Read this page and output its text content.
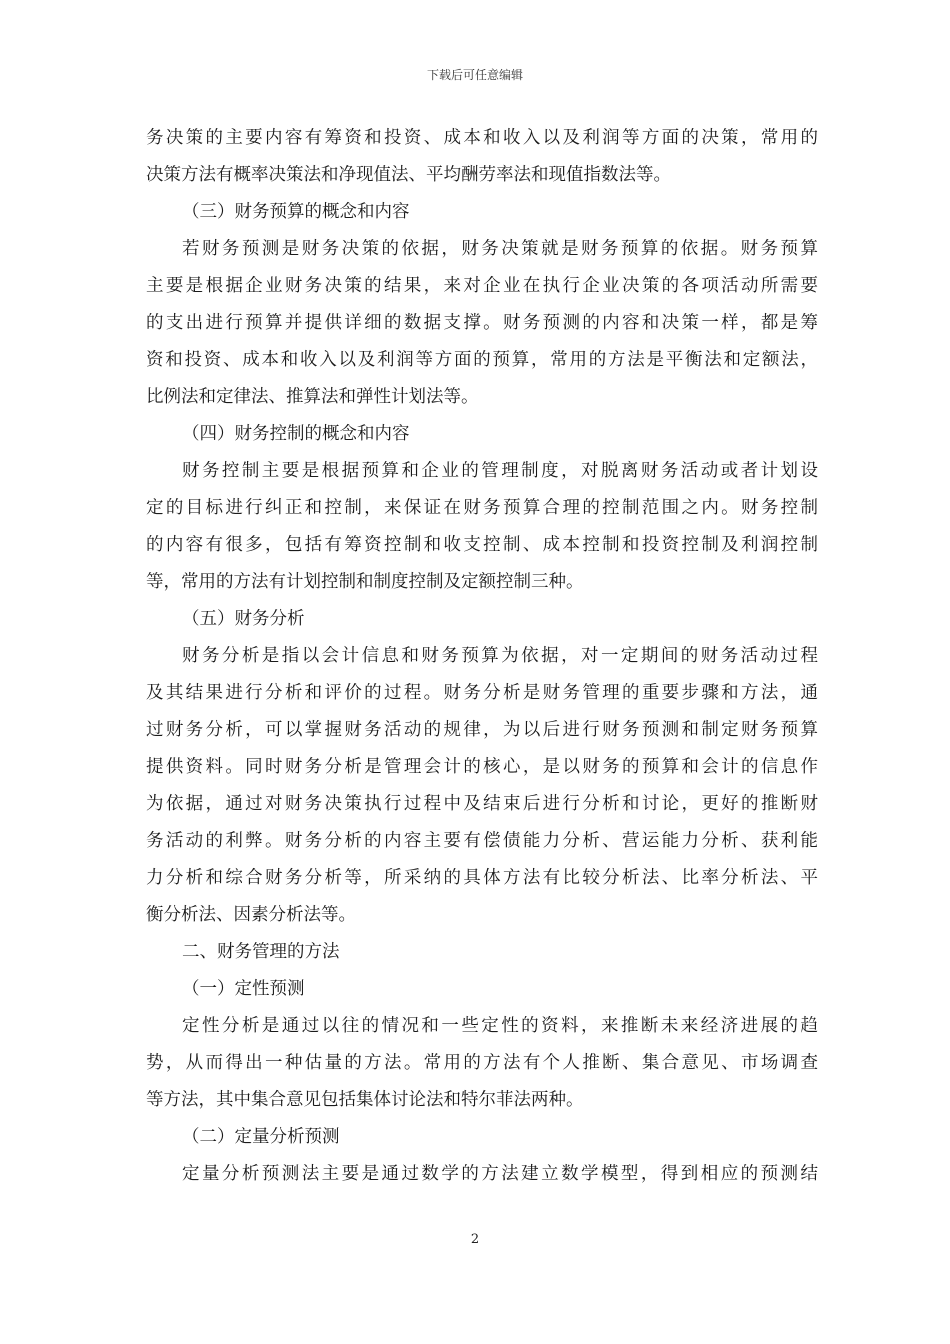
下载后可任意编辑
务决策的主要内容有筹资和投资、成本和收入以及利润等方面的决策，常用的
决策方法有概率决策法和净现值法、平均酬劳率法和现值指数法等。
（三）财务预算的概念和内容
若财务预测是财务决策的依据，财务决策就是财务预算的依据。财务预算
主要是根据企业财务决策的结果，来对企业在执行企业决策的各项活动所需要
的支出进行预算并提供详细的数据支撑。财务预测的内容和决策一样，都是筹
资和投资、成本和收入以及利润等方面的预算，常用的方法是平衡法和定额法，
比例法和定律法、推算法和弹性计划法等。
（四）财务控制的概念和内容
财务控制主要是根据预算和企业的管理制度，对脱离财务活动或者计划设
定的目标进行纠正和控制，来保证在财务预算合理的控制范围之内。财务控制
的内容有很多，包括有筹资控制和收支控制、成本控制和投资控制及利润控制
等，常用的方法有计划控制和制度控制及定额控制三种。
（五）财务分析
财务分析是指以会计信息和财务预算为依据，对一定期间的财务活动过程
及其结果进行分析和评价的过程。财务分析是财务管理的重要步骤和方法，通
过财务分析，可以掌握财务活动的规律，为以后进行财务预测和制定财务预算
提供资料。同时财务分析是管理会计的核心，是以财务的预算和会计的信息作
为依据，通过对财务决策执行过程中及结束后进行分析和讨论，更好的推断财
务活动的利弊。财务分析的内容主要有偿债能力分析、营运能力分析、获利能
力分析和综合财务分析等，所采纳的具体方法有比较分析法、比率分析法、平
衡分析法、因素分析法等。
二、财务管理的方法
（一）定性预测
定性分析是通过以往的情况和一些定性的资料，来推断未来经济进展的趋
势，从而得出一种估量的方法。常用的方法有个人推断、集合意见、市场调查
等方法，其中集合意见包括集体讨论法和特尔菲法两种。
（二）定量分析预测
定量分析预测法主要是通过数学的方法建立数学模型，得到相应的预测结
2
